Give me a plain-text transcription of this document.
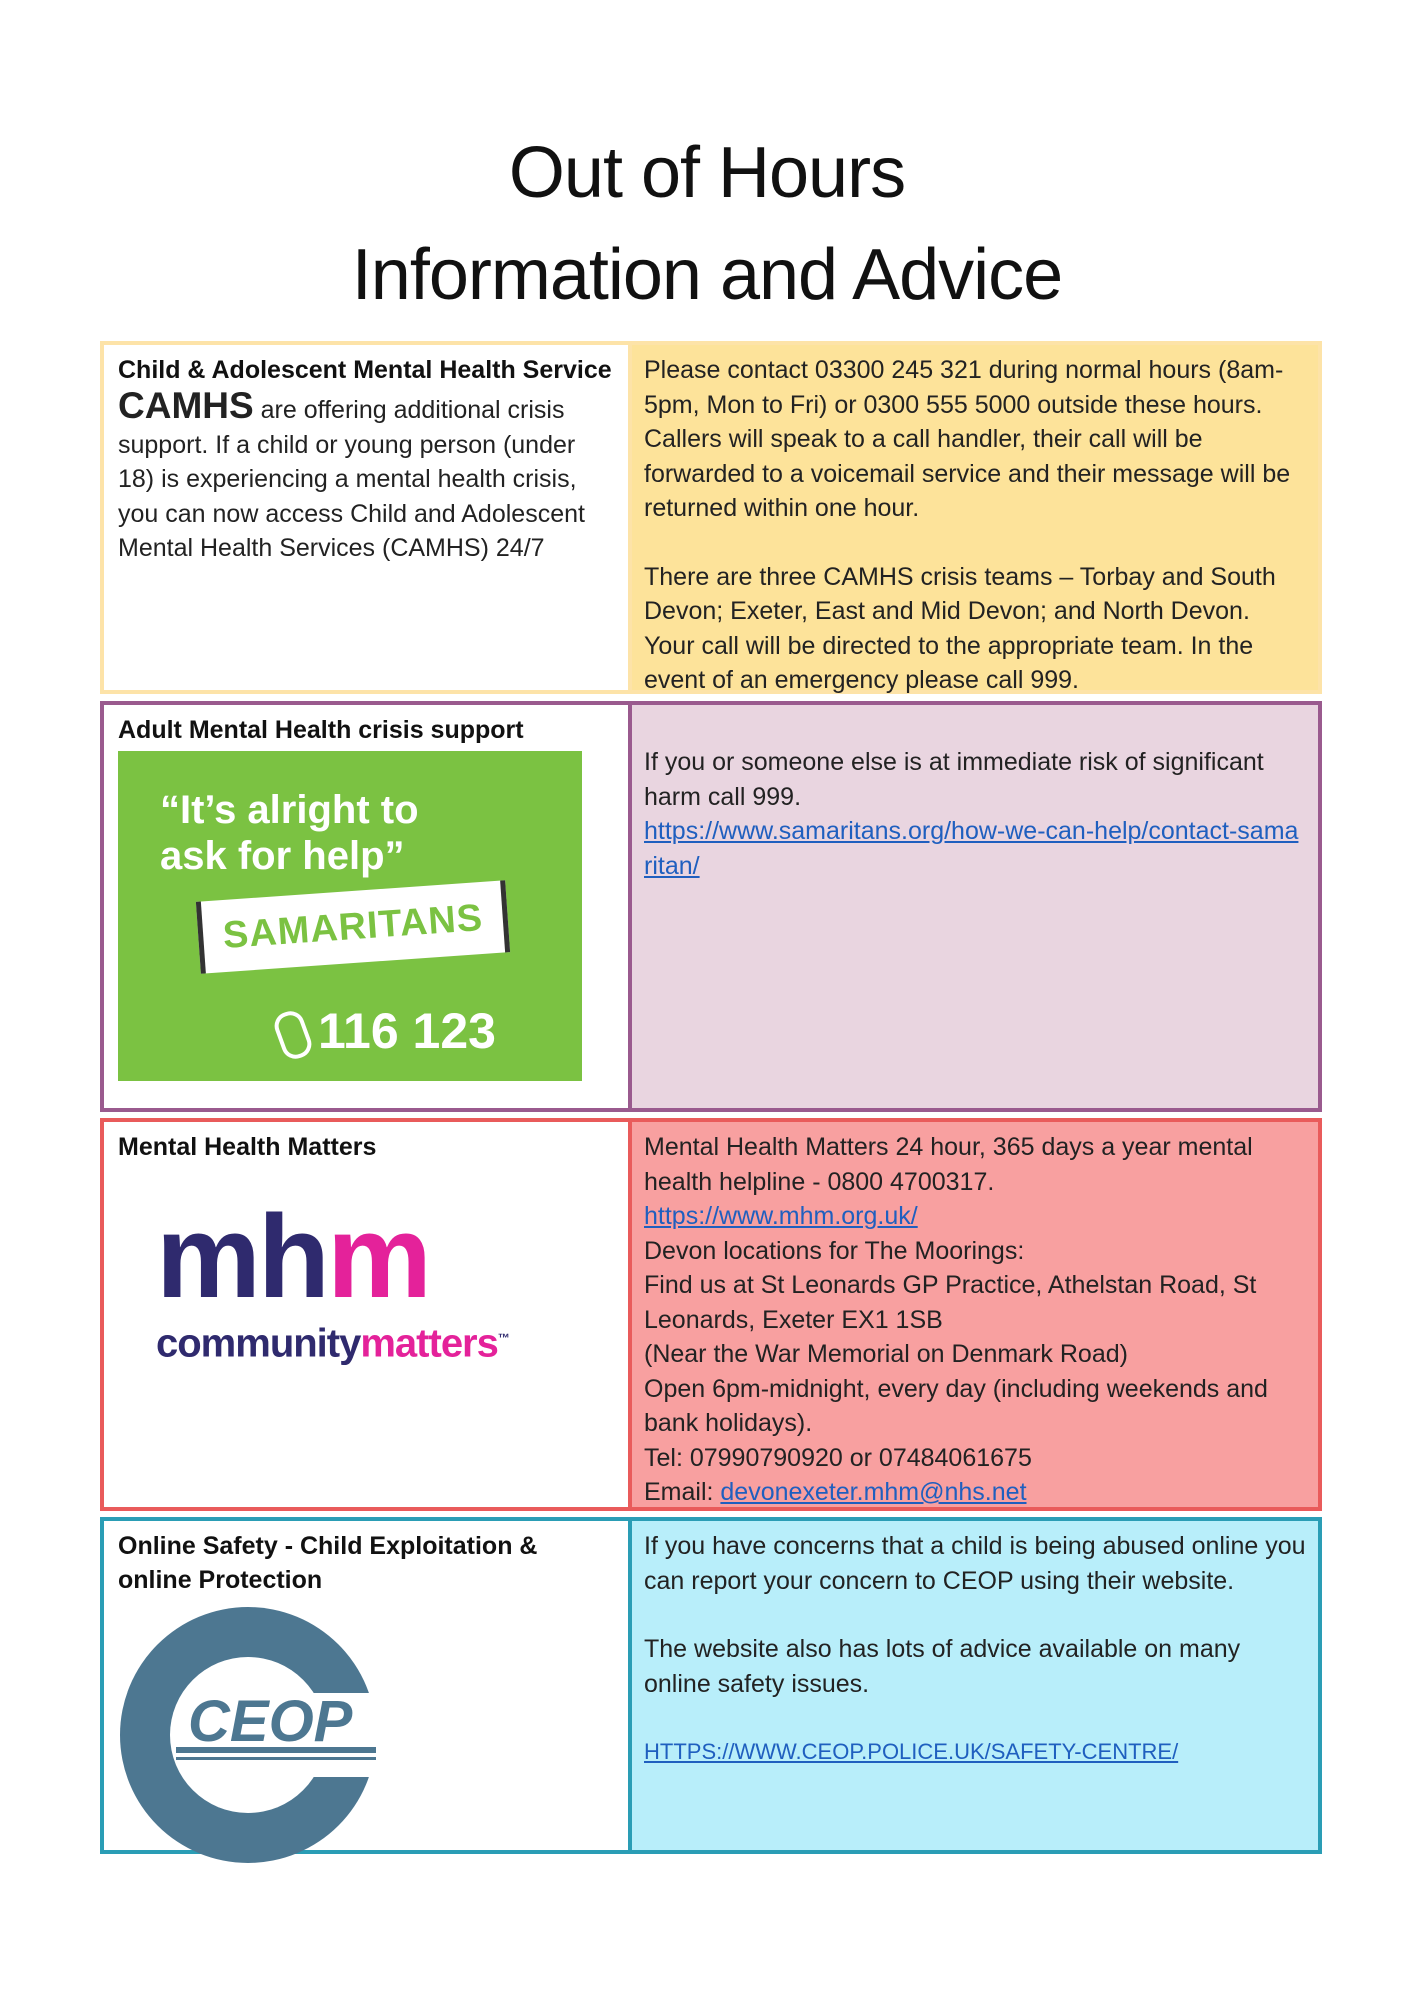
Out of Hours
Information and Advice
Child & Adolescent Mental Health Service
CAMHS are offering additional crisis support. If a child or young person (under 18) is experiencing a mental health crisis, you can now access Child and Adolescent Mental Health Services (CAMHS) 24/7
Please contact 03300 245 321 during normal hours (8am-5pm, Mon to Fri) or 0300 555 5000 outside these hours. Callers will speak to a call handler, their call will be forwarded to a voicemail service and their message will be returned within one hour.
There are three CAMHS crisis teams – Torbay and South Devon; Exeter, East and Mid Devon; and North Devon. Your call will be directed to the appropriate team. In the event of an emergency please call 999.
Adult Mental Health crisis support
“It’s alright to
ask for help”
SAMARITANS
116 123
If you or someone else is at immediate risk of significant harm call 999.
https://www.samaritans.org/how-we-can-help/contact-samaritan/
Mental Health Matters
mhm
communitymatters™
Mental Health Matters 24 hour, 365 days a year mental health helpline - 0800 4700317.
https://www.mhm.org.uk/
Devon locations for The Moorings:
Find us at St Leonards GP Practice, Athelstan Road, St Leonards, Exeter EX1 1SB
(Near the War Memorial on Denmark Road)
Open 6pm-midnight, every day (including weekends and bank holidays).
Tel: 07990790920 or 07484061675
Email: devonexeter.mhm@nhs.net
Online Safety - Child Exploitation & online Protection
CEOP
If you have concerns that a child is being abused online you can report your concern to CEOP using their website.
The website also has lots of advice available on many online safety issues.
HTTPS://WWW.CEOP.POLICE.UK/SAFETY-CENTRE/
